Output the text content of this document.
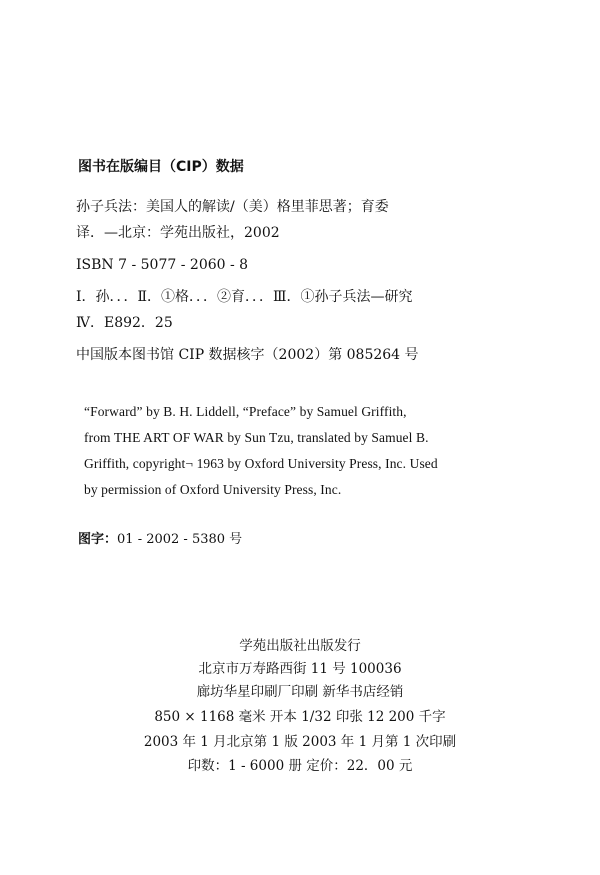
图书在版编目（CIP）数据
孙子兵法：美国人的解读/（美）格里菲思著；育委
译．—北京：学苑出版社，2002
ISBN 7 - 5077 - 2060 - 8
Ⅰ．孙．．．Ⅱ．①格．．．②育．．．Ⅲ．①孙子兵法—研究
Ⅳ．E892．25
中国版本图书馆 CIP 数据核字（2002）第 085264 号
“Forward” by B. H. Liddell, “Preface” by Samuel Griffith,
from THE ART OF WAR by Sun Tzu, translated by Samuel B.
Griffith, copyright¬ 1963 by Oxford University Press, Inc. Used
by permission of Oxford University Press, Inc.
图字：01 - 2002 - 5380 号
学苑出版社出版发行
北京市万寿路西街 11 号 100036
廊坊华星印刷厂印刷 新华书店经销
850 × 1168 毫米 开本 1/32 印张 12 200 千字
2003 年 1 月北京第 1 版 2003 年 1 月第 1 次印刷
印数：1 - 6000 册 定价：22．00 元
